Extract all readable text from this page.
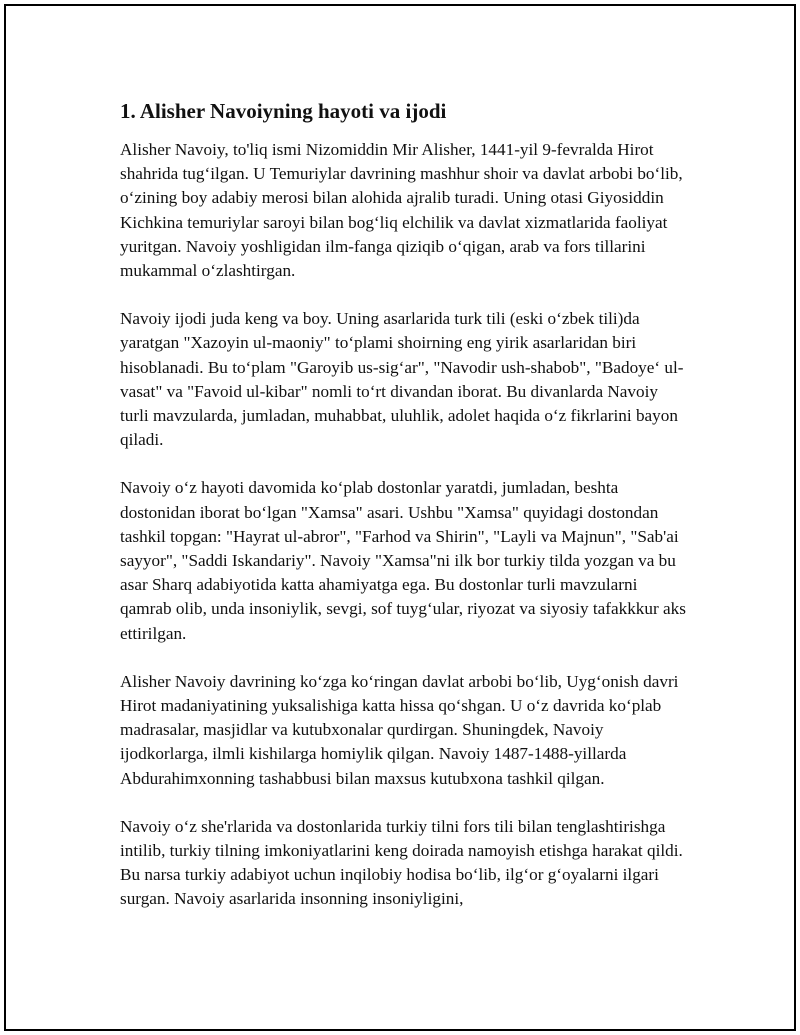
1. Alisher Navoiyning hayoti va ijodi

Alisher Navoiy, to'liq ismi Nizomiddin Mir Alisher, 1441-yil 9-fevralda Hirot shahrida tug‘ilgan. U Temuriylar davrining mashhur shoir va davlat arbobi bo‘lib, o‘zining boy adabiy merosi bilan alohida ajralib turadi. Uning otasi Giyosiddin Kichkina temuriylar saroyi bilan bog‘liq elchilik va davlat xizmatlarida faoliyat yuritgan. Navoiy yoshligidan ilm-fanga qiziqib o‘qigan, arab va fors tillarini mukammal o‘zlashtirgan.

Navoiy ijodi juda keng va boy. Uning asarlarida turk tili (eski o‘zbek tili)da yaratgan "Xazoyin ul-maoniy" to‘plami shoirning eng yirik asarlaridan biri hisoblanadi. Bu to‘plam "Garoyib us-sig‘ar", "Navodir ush-shabob", "Badoye‘ ul-vasat" va "Favoid ul-kibar" nomli to‘rt divandan iborat. Bu divanlarda Navoiy turli mavzularda, jumladan, muhabbat, uluhlik, adolet haqida o‘z fikrlarini bayon qiladi.

Navoiy o‘z hayoti davomida ko‘plab dostonlar yaratdi, jumladan, beshta dostonidan iborat bo‘lgan "Xamsa" asari. Ushbu "Xamsa" quyidagi dostondan tashkil topgan: "Hayrat ul-abror", "Farhod va Shirin", "Layli va Majnun", "Sab'ai sayyor", "Saddi Iskandariy". Navoiy "Xamsa"ni ilk bor turkiy tilda yozgan va bu asar Sharq adabiyotida katta ahamiyatga ega. Bu dostonlar turli mavzularni qamrab olib, unda insoniylik, sevgi, sof tuyg‘ular, riyozat va siyosiy tafakkkur aks ettirilgan.

Alisher Navoiy davrining ko‘zga ko‘ringan davlat arbobi bo‘lib, Uyg‘onish davri Hirot madaniyatining yuksalishiga katta hissa qo‘shgan. U o‘z davrida ko‘plab madrasalar, masjidlar va kutubxonalar qurdirgan. Shuningdek, Navoiy ijodkorlarga, ilmli kishilarga homiylik qilgan. Navoiy 1487-1488-yillarda Abdurahimxonning tashabbusi bilan maxsus kutubxona tashkil qilgan.

Navoiy o‘z she'rlarida va dostonlarida turkiy tilni fors tili bilan tenglashtirishga intilib, turkiy tilning imkoniyatlarini keng doirada namoyish etishga harakat qildi. Bu narsa turkiy adabiyot uchun inqilobiy hodisa bo‘lib, ilg‘or g‘oyalarni ilgari surgan. Navoiy asarlarida insonning insoniyligini,
